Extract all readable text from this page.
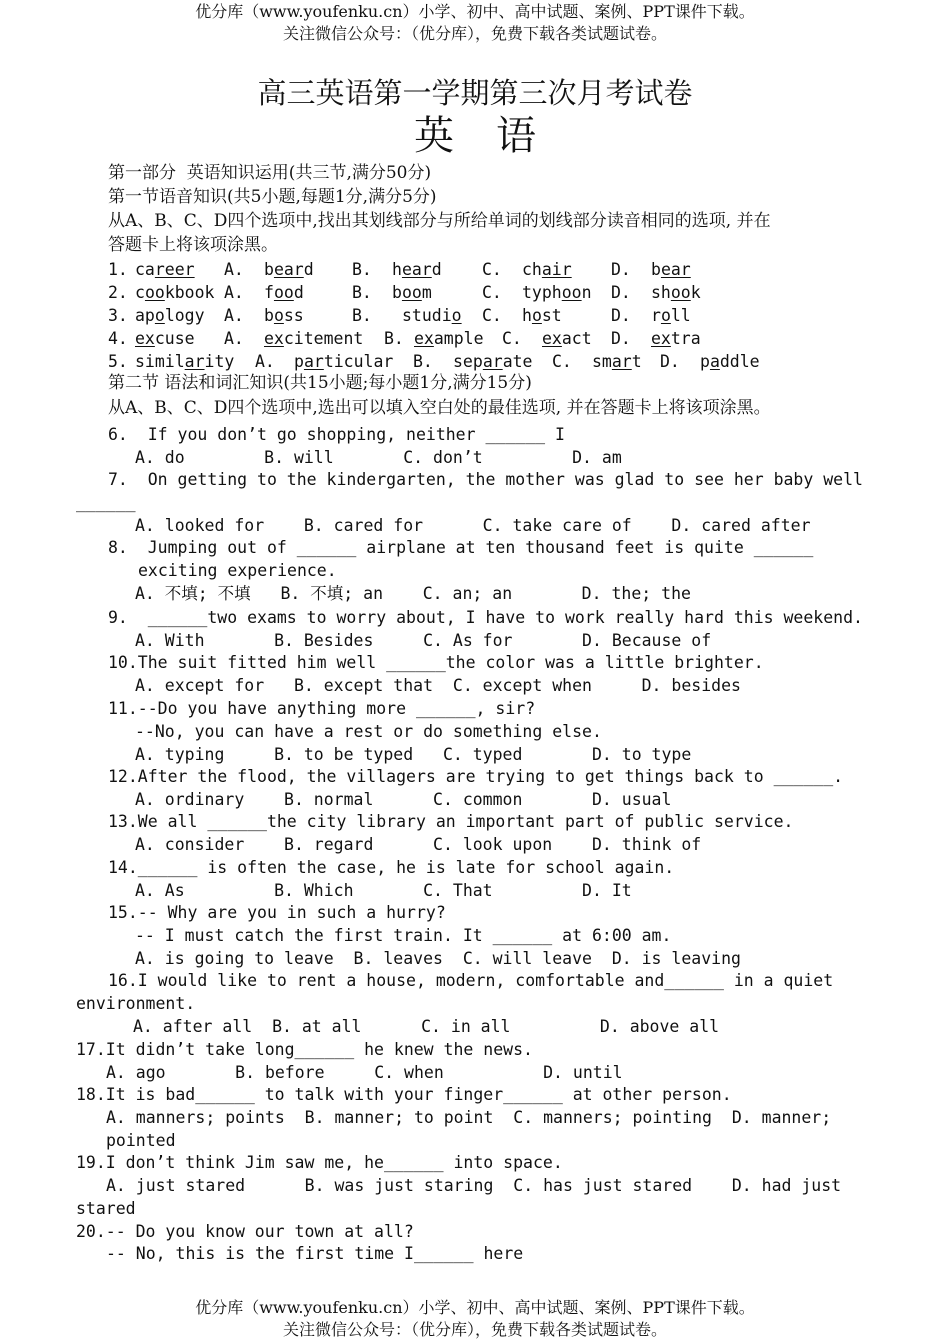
优分库（www.youfenku.cn）小学、初中、高中试题、案例、PPT课件下载。
关注微信公众号：（优分库），免费下载各类试题试卷。
高三英语第一学期第三次月考试卷
英语
第一部分  英语知识运用(共三节,满分50分)
第一节语音知识(共5小题,每题1分,满分5分)
从A、B、C、D四个选项中,找出其划线部分与所给单词的划线部分读音相同的选项, 并在
答题卡上将该项涂黑。
1. career A. beard B. heard C. chair D. bear
2. cookbook A. food	B. boom	C. typhoon D. shook
3. apology A. boss	B. studio C. host	D. roll
4. excuse A. excitement B. example C. exact D. extra
5. similarity A. particular B. separate C. smart D. paddle
第二节 语法和词汇知识(共15小题;每小题1分,满分15分)
从A、B、C、D四个选项中,选出可以填入空白处的最佳选项, 并在答题卡上将该项涂黑。
6.  If you don’t go shopping, neither ______ I
A. do        B. will       C. don’t         D. am
7.  On getting to the kindergarten, the mother was glad to see her baby well
______
A. looked for    B. cared for      C. take care of    D. cared after
8.  Jumping out of ______ airplane at ten thousand feet is quite ______
exciting experience.
A. 不填; 不填   B. 不填; an    C. an; an       D. the; the
9.  ______two exams to worry about, I have to work really hard this weekend.
A. With       B. Besides     C. As for       D. Because of
10.The suit fitted him well ______the color was a little brighter.
A. except for   B. except that  C. except when     D. besides
11.--Do you have anything more ______, sir?
--No, you can have a rest or do something else.
A. typing     B. to be typed   C. typed       D. to type
12.After the flood, the villagers are trying to get things back to ______.
A. ordinary    B. normal      C. common       D. usual
13.We all ______the city library an important part of public service.
A. consider    B. regard      C. look upon    D. think of
14.______ is often the case, he is late for school again.
A. As         B. Which       C. That         D. It
15.-- Why are you in such a hurry?
-- I must catch the first train. It ______ at 6:00 am.
A. is going to leave  B. leaves  C. will leave  D. is leaving
16.I would like to rent a house, modern, comfortable and______ in a quiet
environment.
A. after all  B. at all      C. in all         D. above all
17.It didn’t take long______ he knew the news.
A. ago       B. before     C. when          D. until
18.It is bad______ to talk with your finger______ at other person.
A. manners; points  B. manner; to point  C. manners; pointing  D. manner;
pointed
19.I don’t think Jim saw me, he______ into space.
A. just stared      B. was just staring  C. has just stared    D. had just
stared
20.-- Do you know our town at all?
-- No, this is the first time I______ here
优分库（www.youfenku.cn）小学、初中、高中试题、案例、PPT课件下载。
关注微信公众号：（优分库），免费下载各类试题试卷。
